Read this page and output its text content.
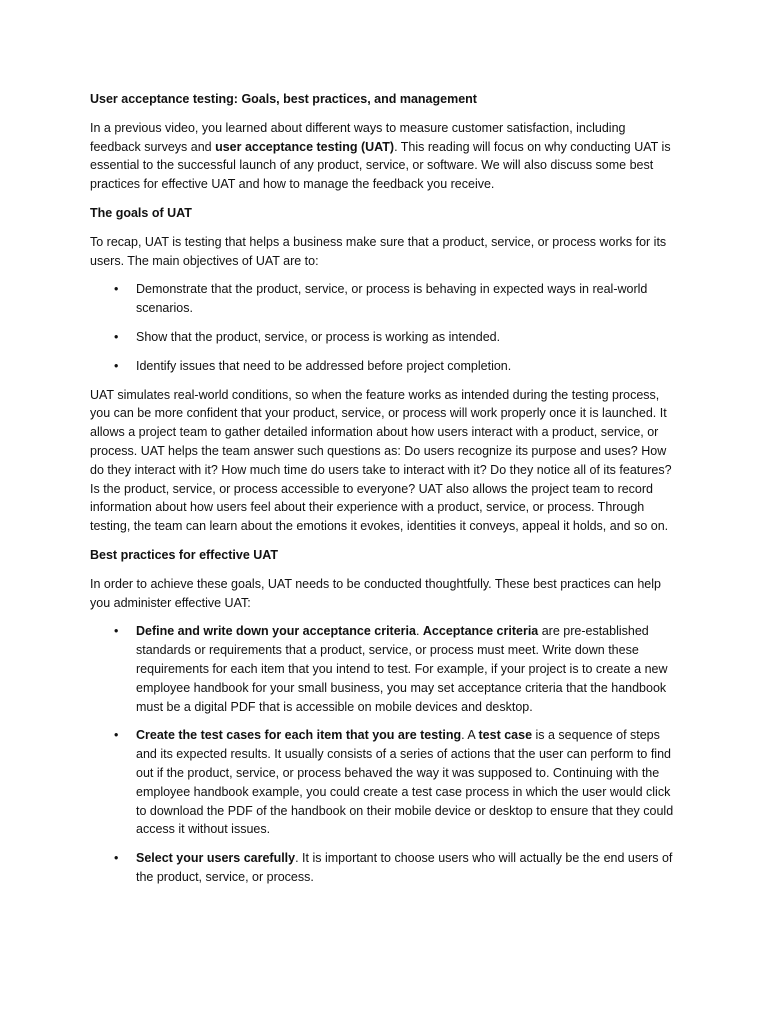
User acceptance testing: Goals, best practices, and management

In a previous video, you learned about different ways to measure customer satisfaction, including feedback surveys and user acceptance testing (UAT). This reading will focus on why conducting UAT is essential to the successful launch of any product, service, or software. We will also discuss some best practices for effective UAT and how to manage the feedback you receive.

The goals of UAT

To recap, UAT is testing that helps a business make sure that a product, service, or process works for its users. The main objectives of UAT are to:

• Demonstrate that the product, service, or process is behaving in expected ways in real-world scenarios.
• Show that the product, service, or process is working as intended.
• Identify issues that need to be addressed before project completion.

UAT simulates real-world conditions, so when the feature works as intended during the testing process, you can be more confident that your product, service, or process will work properly once it is launched. It allows a project team to gather detailed information about how users interact with a product, service, or process. UAT helps the team answer such questions as: Do users recognize its purpose and uses? How do they interact with it? How much time do users take to interact with it? Do they notice all of its features? Is the product, service, or process accessible to everyone? UAT also allows the project team to record information about how users feel about their experience with a product, service, or process. Through testing, the team can learn about the emotions it evokes, identities it conveys, appeal it holds, and so on.

Best practices for effective UAT

In order to achieve these goals, UAT needs to be conducted thoughtfully. These best practices can help you administer effective UAT:

• Define and write down your acceptance criteria. Acceptance criteria are pre-established standards or requirements that a product, service, or process must meet. Write down these requirements for each item that you intend to test. For example, if your project is to create a new employee handbook for your small business, you may set acceptance criteria that the handbook must be a digital PDF that is accessible on mobile devices and desktop.
• Create the test cases for each item that you are testing. A test case is a sequence of steps and its expected results. It usually consists of a series of actions that the user can perform to find out if the product, service, or process behaved the way it was supposed to. Continuing with the employee handbook example, you could create a test case process in which the user would click to download the PDF of the handbook on their mobile device or desktop to ensure that they could access it without issues.
• Select your users carefully. It is important to choose users who will actually be the end users of the product, service, or process.
